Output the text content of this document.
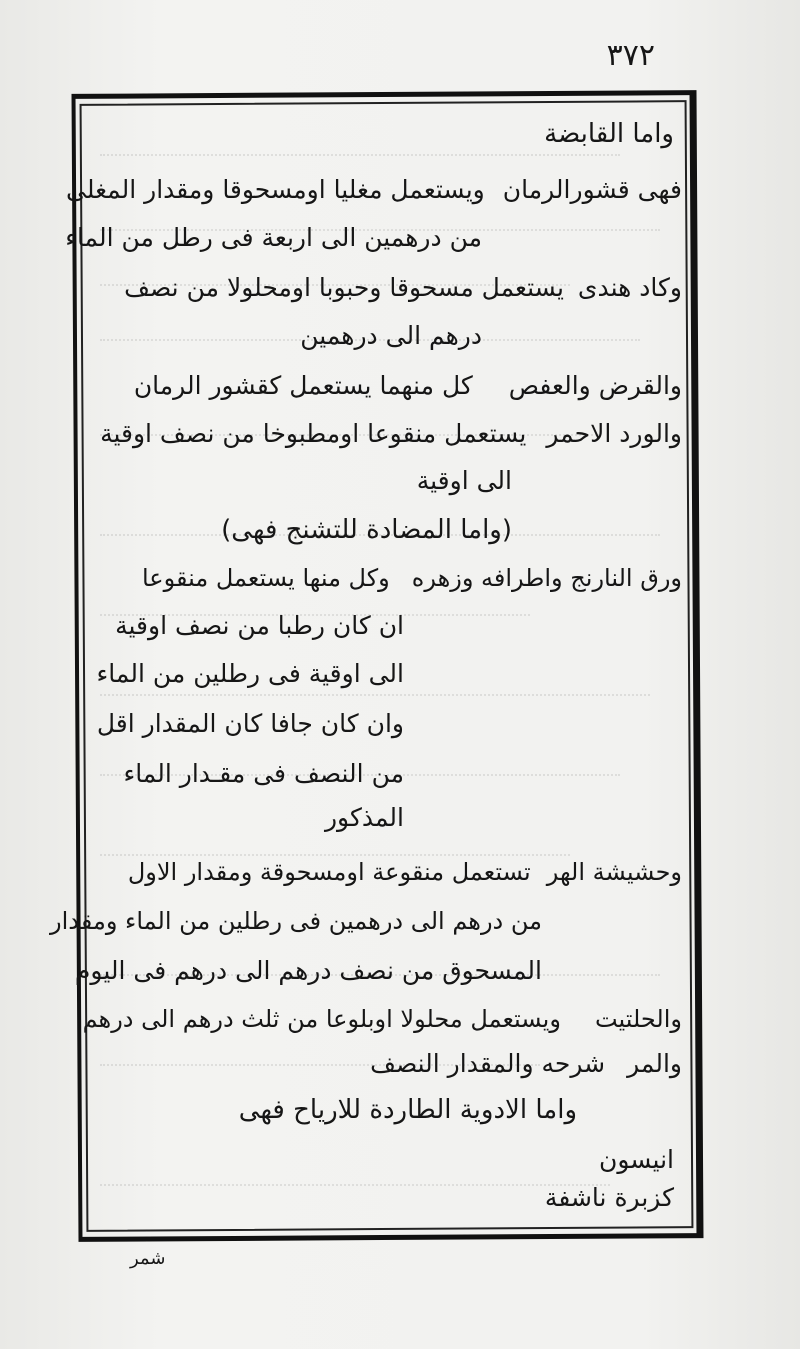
٣٧٢
واما القابضة
فهى قشورالرمانويستعمل مغليا اومسحوقا ومقدار المغلى
من درهمين الى اربعة فى رطل من الماء
وكاد هندىيستعمل مسحوقا وحبوبا اومحلولا من نصف
درهم الى درهمين
والقرض والعفصكل منهما يستعمل كقشور الرمان
والورد الاحمريستعمل منقوعا اومطبوخا من نصف اوقية
الى اوقية
(واما المضادة للتشنج فهى)
ورق النارنج واطرافه وزهرهوكل منها يستعمل منقوعا
ان كان رطبا من نصف اوقية
الى اوقية فى رطلين من الماء
وان كان جافا كان المقدار اقل
من النصف فى مقـدار الماء
المذكور
وحشيشة الهرتستعمل منقوعة اومسحوقة ومقدار الاول
من درهم الى درهمين فى رطلين من الماء ومقدار
المسحوق من نصف درهم الى درهم فى اليوم
والحلتيتويستعمل محلولا اوبلوعا من ثلث درهم الى درهم
والمرشرحه والمقدار النصف
واما الادوية الطاردة للارياح فهى
انيسون
كزبرة ناشفة
شمر
